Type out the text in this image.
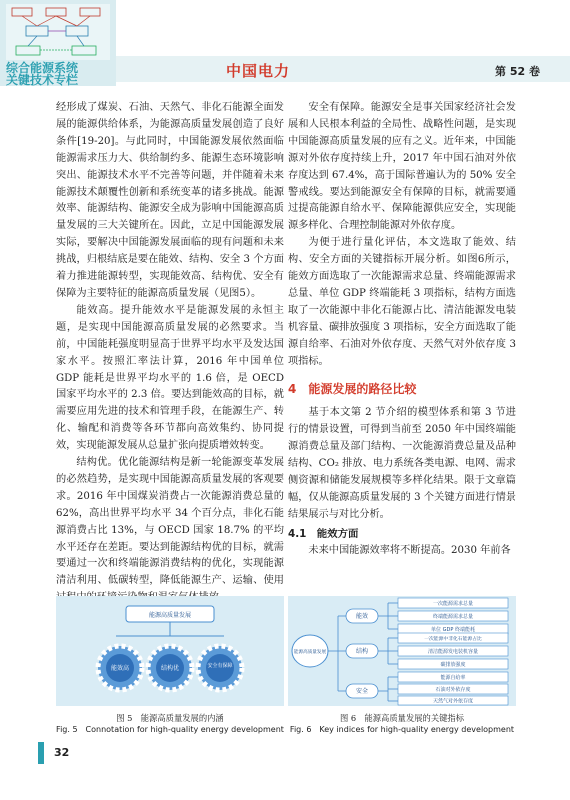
综合能源系统
关键技术专栏	中国电力	第 52 卷

经形成了煤炭、石油、天然气、非化石能源全面发展的能源供给体系，为能源高质量发展创造了良好条件[19-20]。与此同时，中国能源发展依然面临能源需求压力大、供给制约多、能源生态环境影响突出、能源技术水平不完善等问题，并伴随着未来能源技术颠覆性创新和系统变革的诸多挑战。能源效率、能源结构、能源安全成为影响中国能源高质量发展的三大关键所在。因此，立足中国能源发展实际，要解决中国能源发展面临的现有问题和未来挑战，归根结底是要在能效、结构、安全 3 个方面着力推进能源转型，实现能效高、结构优、安全有保障为主要特征的能源高质量发展（见图5）。

能效高。提升能效水平是能源发展的永恒主题，是实现中国能源高质量发展的必然要求。当前，中国能耗强度明显高于世界平均水平及发达国家水平。按照汇率法计算，2016 年中国单位 GDP 能耗是世界平均水平的 1.6 倍，是 OECD 国家平均水平的 2.3 倍。要达到能效高的目标，就需要应用先进的技术和管理手段，在能源生产、转化、输配和消费等各环节都向高效集约、协同提效，实现能源发展从总量扩张向提质增效转变。

结构优。优化能源结构是新一轮能源变革发展的必然趋势，是实现中国能源高质量发展的客观要求。2016 年中国煤炭消费占一次能源消费总量的 62%，高出世界平均水平 34 个百分点，非化石能源消费占比 13%，与 OECD 国家 18.7% 的平均水平还存在差距。要达到能源结构优的目标，就需要通过一次和终端能源消费结构的优化，实现能源清洁利用、低碳转型，降低能源生产、运输、使用

安全有保障。能源安全是事关国家经济社会发展和人民根本利益的全局性、战略性问题，是实现中国能源高质量发展的应有之义。近年来，中国能源对外依存度持续上升，2017 年中国石油对外依存度达到 67.4%，高于国际普遍认为的 50% 安全警戒线。要达到能源安全有保障的目标，就需要通过提高能源自给水平、保障能源供应安全，实现能源多样化、合理控制能源对外依存度。

为便于进行量化评估，本文选取了能效、结构、安全方面的关键指标开展分析。如图6所示，能效方面选取了一次能源需求总量、终端能源需求总量、单位 GDP 终端能耗 3 项指标，结构方面选取了一次能源中非化石能源占比、清洁能源发电装机容量、碳排放强度 3 项指标，安全方面选取了能源自给率、石油对外依存度、天然气对外依存度 3 项指标。

4　能源发展的路径比较

基于本文第 2 节介绍的模型体系和第 3 节进行的情景设置，可得到当前至 2050 年中国终端能源消费总量及部门结构、一次能源消费总量及品种结构、CO₂ 排放、电力系统各类电源、电网、需求侧资源和储能发展规模等多样化结果。限于文章篇幅，仅从能源高质量发展的 3 个关键方面进行情景结果展示与对比分析。

4.1　能效方面

未来中国能源效率将不断提高。2030 年前各

能源高质量发展
能效高	结构优	安全有保障
能源高质量发展
能效
一次能源需求总量
终端能源需求总量
单位 GDP 终端能耗
结构
一次能源中非化石能源占比
清洁能源发电装机容量
碳排放强度
安全
能源自给率
石油对外依存度
天然气对外依存度
图 5　能源高质量发展的内涵
Fig. 5　Connotation for high-quality energy development
图 6　能源高质量发展的关键指标
Fig. 6　Key indices for high-quality energy development
32
